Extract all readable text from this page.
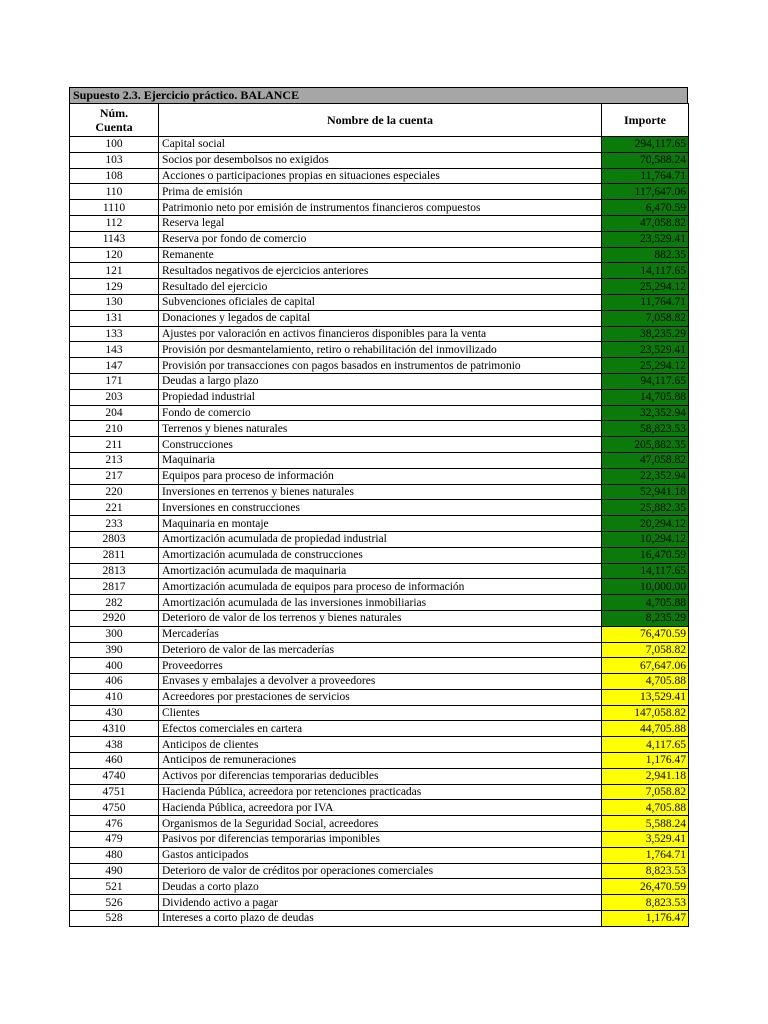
Supuesto 2.3. Ejercicio práctico. BALANCE
Núm.
Cuenta	Nombre de la cuenta	Importe
100	Capital social	294,117.65
103	Socios por desembolsos no exigidos	70,588.24
108	Acciones o participaciones propias en situaciones especiales	11,764.71
110	Prima de emisión	117,647.06
1110	Patrimonio neto por emisión de instrumentos financieros compuestos	6,470.59
112	Reserva legal	47,058.82
1143	Reserva por fondo de comercio	23,529.41
120	Remanente	882.35
121	Resultados negativos de ejercicios anteriores	14,117.65
129	Resultado del ejercicio	25,294.12
130	Subvenciones oficiales de capital	11,764.71
131	Donaciones y legados de capital	7,058.82
133	Ajustes por valoración en activos financieros disponibles para la venta	38,235.29
143	Provisión por desmantelamiento, retiro o rehabilitación del inmovilizado	23,529.41
147	Provisión por transacciones con pagos basados en instrumentos de patrimonio	25,294.12
171	Deudas a largo plazo	94,117.65
203	Propiedad industrial	14,705.88
204	Fondo de comercio	32,352.94
210	Terrenos y bienes naturales	58,823.53
211	Construcciones	205,882.35
213	Maquinaria	47,058.82
217	Equipos para proceso de información	22,352.94
220	Inversiones en terrenos y bienes naturales	52,941.18
221	Inversiones en construcciones	25,882.35
233	Maquinaria en montaje	20,294.12
2803	Amortización acumulada de propiedad industrial	10,294.12
2811	Amortización acumulada de construcciones	16,470.59
2813	Amortización acumulada de maquinaria	14,117.65
2817	Amortización acumulada de equipos para proceso de información	10,000.00
282	Amortización acumulada de las inversiones inmobiliarias	4,705.88
2920	Deterioro de valor de los terrenos y bienes naturales	8,235.29
300	Mercaderías	76,470.59
390	Deterioro de valor de las mercaderías	7,058.82
400	Proveedorres	67,647.06
406	Envases y embalajes a devolver a proveedores	4,705.88
410	Acreedores por prestaciones de servicios	13,529.41
430	Clientes	147,058.82
4310	Efectos comerciales en cartera	44,705.88
438	Anticipos de clientes	4,117.65
460	Anticipos de remuneraciones	1,176.47
4740	Activos por diferencias temporarias deducibles	2,941.18
4751	Hacienda Pública, acreedora por retenciones practicadas	7,058.82
4750	Hacienda Pública, acreedora por IVA	4,705.88
476	Organismos de la Seguridad Social, acreedores	5,588.24
479	Pasivos por diferencias temporarias imponibles	3,529.41
480	Gastos anticipados	1,764.71
490	Deterioro de valor de créditos por operaciones comerciales	8,823.53
521	Deudas a corto plazo	26,470.59
526	Dividendo activo a pagar	8,823.53
528	Intereses a corto plazo de deudas	1,176.47
